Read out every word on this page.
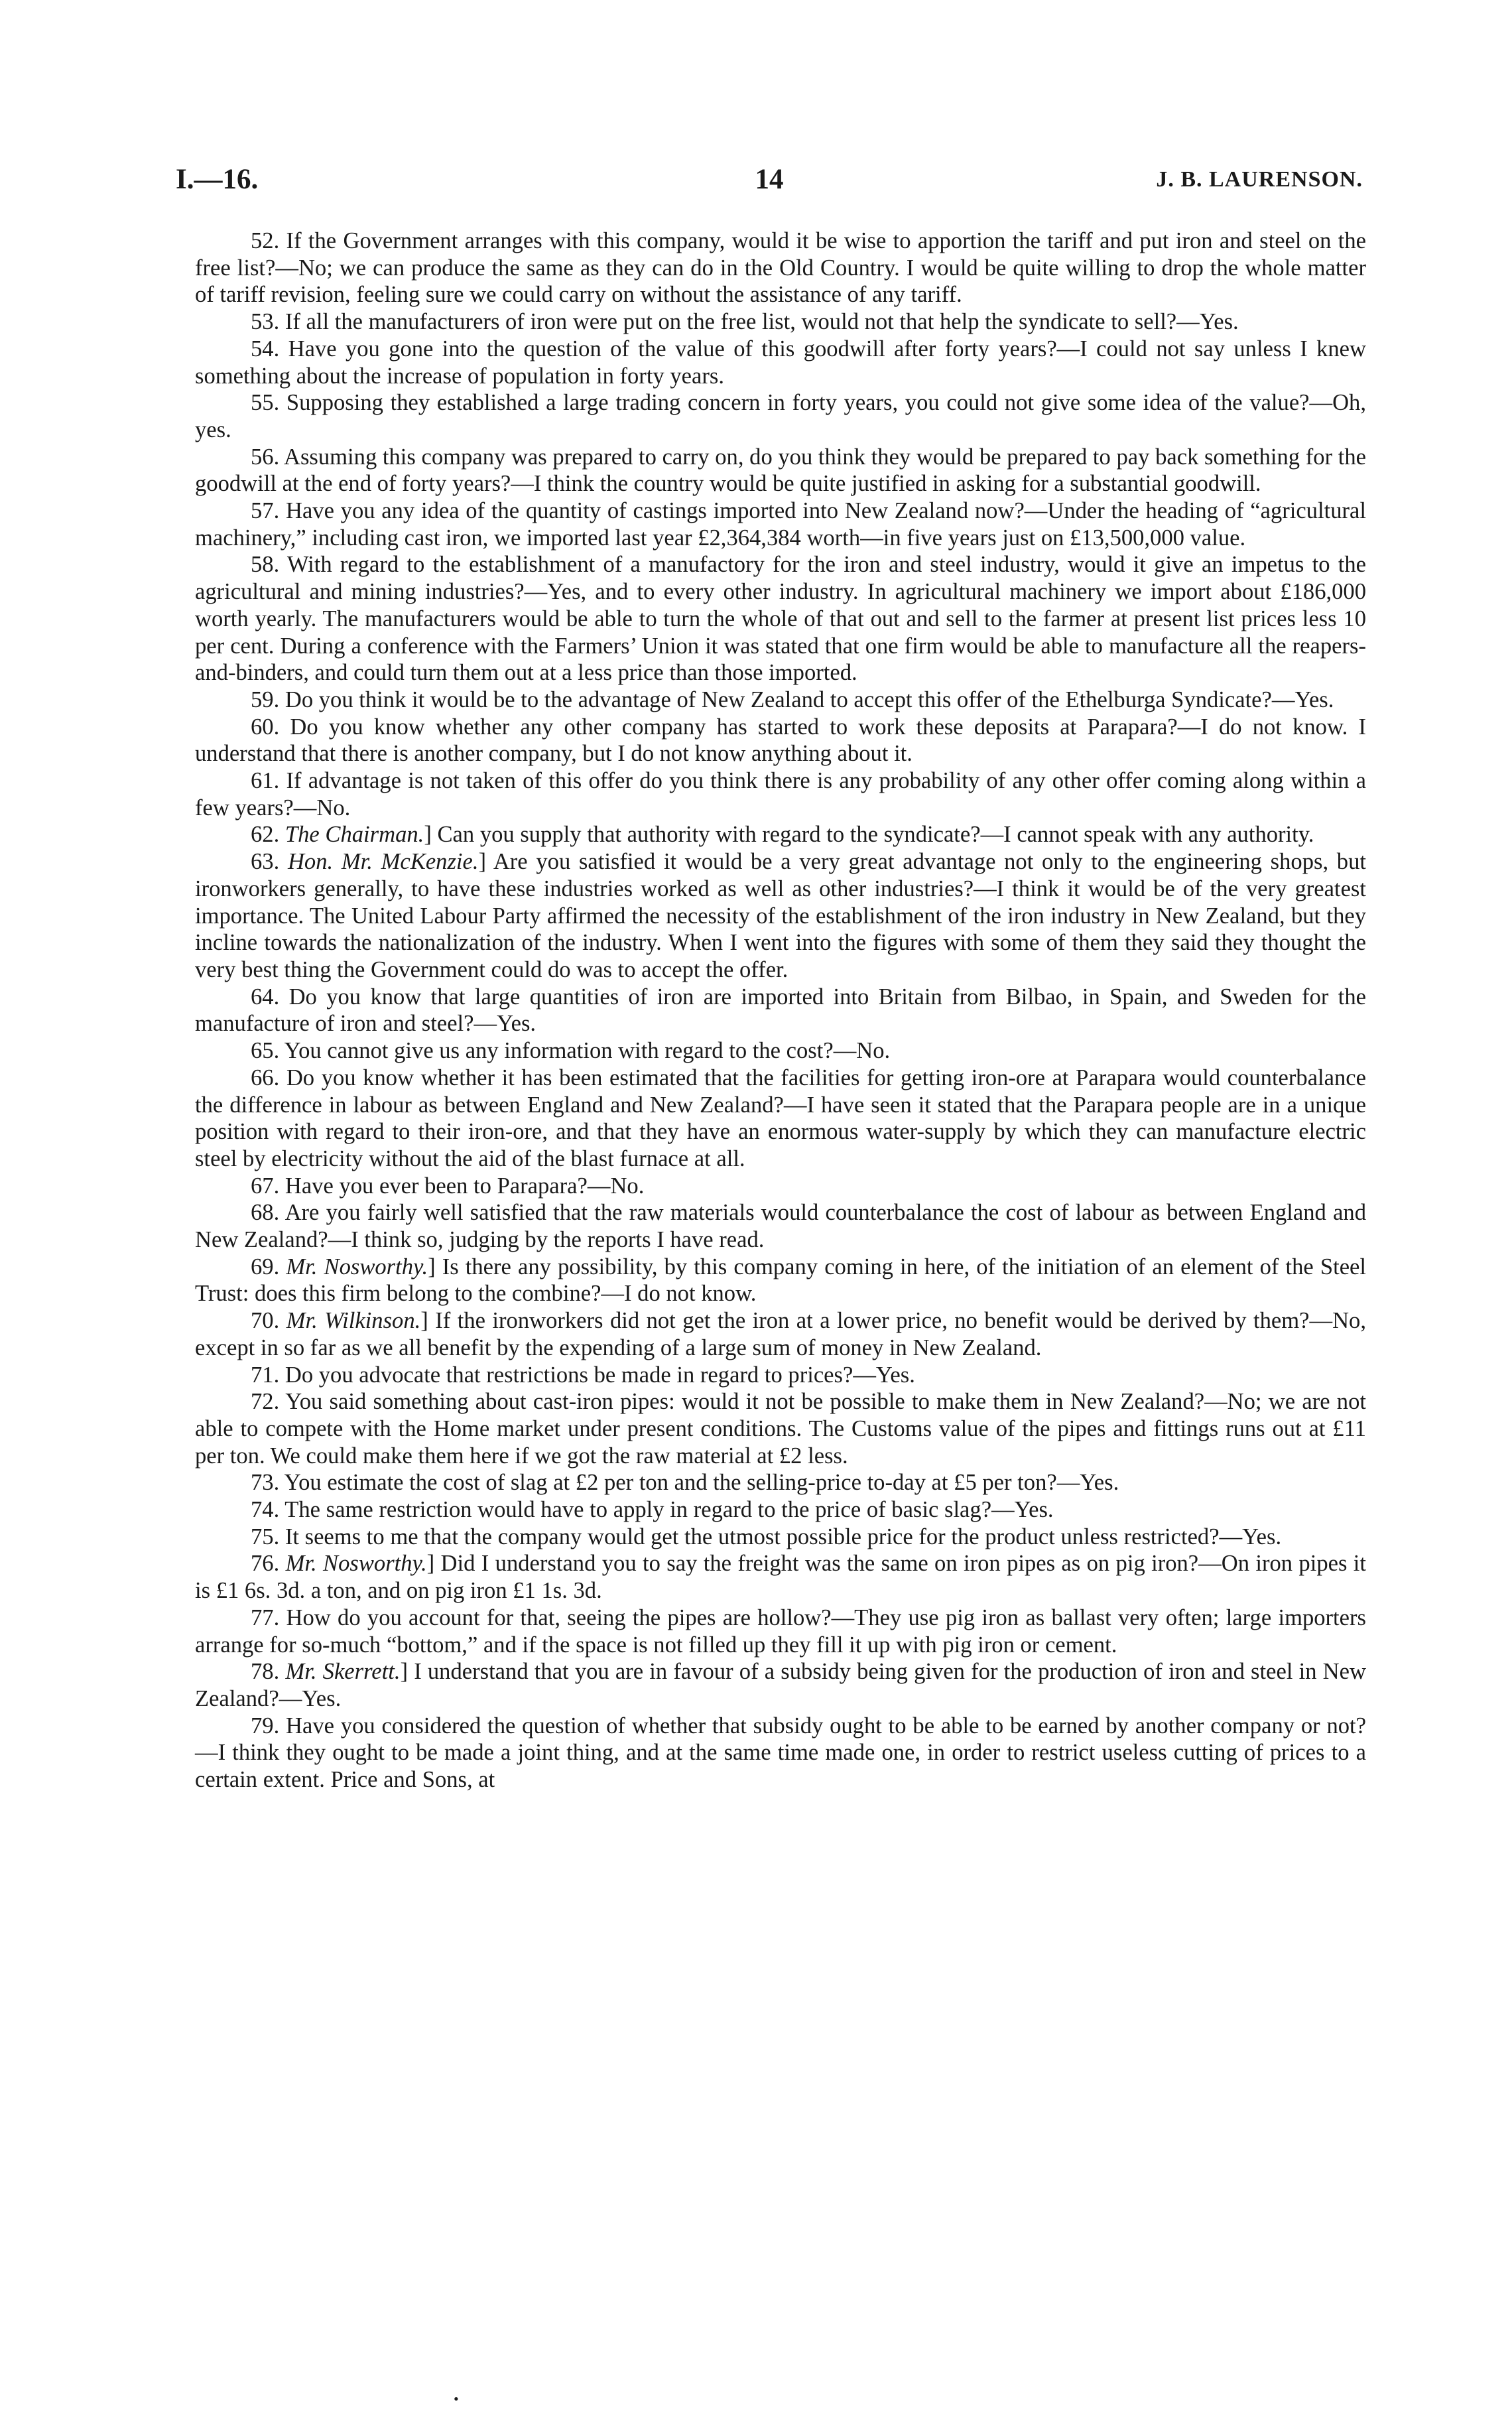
I.—16.	14	J. B. LAURENSON.

52. If the Government arranges with this company, would it be wise to apportion the tariff and put iron and steel on the free list?—No; we can produce the same as they can do in the Old Country. I would be quite willing to drop the whole matter of tariff revision, feeling sure we could carry on without the assistance of any tariff.

53. If all the manufacturers of iron were put on the free list, would not that help the syndicate to sell?—Yes.

54. Have you gone into the question of the value of this goodwill after forty years?—I could not say unless I knew something about the increase of population in forty years.

55. Supposing they established a large trading concern in forty years, you could not give some idea of the value?—Oh, yes.

56. Assuming this company was prepared to carry on, do you think they would be prepared to pay back something for the goodwill at the end of forty years?—I think the country would be quite justified in asking for a substantial goodwill.

57. Have you any idea of the quantity of castings imported into New Zealand now?—Under the heading of “agricultural machinery,” including cast iron, we imported last year £2,364,384 worth—in five years just on £13,500,000 value.

58. With regard to the establishment of a manufactory for the iron and steel industry, would it give an impetus to the agricultural and mining industries?—Yes, and to every other industry. In agricultural machinery we import about £186,000 worth yearly. The manufacturers would be able to turn the whole of that out and sell to the farmer at present list prices less 10 per cent. During a conference with the Farmers’ Union it was stated that one firm would be able to manufacture all the reapers-and-binders, and could turn them out at a less price than those imported.

59. Do you think it would be to the advantage of New Zealand to accept this offer of the Ethelburga Syndicate?—Yes.

60. Do you know whether any other company has started to work these deposits at Parapara?—I do not know. I understand that there is another company, but I do not know anything about it.

61. If advantage is not taken of this offer do you think there is any probability of any other offer coming along within a few years?—No.

62. The Chairman.] Can you supply that authority with regard to the syndicate?—I cannot speak with any authority.

63. Hon. Mr. McKenzie.] Are you satisfied it would be a very great advantage not only to the engineering shops, but ironworkers generally, to have these industries worked as well as other industries?—I think it would be of the very greatest importance. The United Labour Party affirmed the necessity of the establishment of the iron industry in New Zealand, but they incline towards the nationalization of the industry. When I went into the figures with some of them they said they thought the very best thing the Government could do was to accept the offer.

64. Do you know that large quantities of iron are imported into Britain from Bilbao, in Spain, and Sweden for the manufacture of iron and steel?—Yes.

65. You cannot give us any information with regard to the cost?—No.

66. Do you know whether it has been estimated that the facilities for getting iron-ore at Parapara would counterbalance the difference in labour as between England and New Zealand?—I have seen it stated that the Parapara people are in a unique position with regard to their iron-ore, and that they have an enormous water-supply by which they can manufacture electric steel by electricity without the aid of the blast furnace at all.

67. Have you ever been to Parapara?—No.

68. Are you fairly well satisfied that the raw materials would counterbalance the cost of labour as between England and New Zealand?—I think so, judging by the reports I have read.

69. Mr. Nosworthy.] Is there any possibility, by this company coming in here, of the initiation of an element of the Steel Trust: does this firm belong to the combine?—I do not know.

70. Mr. Wilkinson.] If the ironworkers did not get the iron at a lower price, no benefit would be derived by them?—No, except in so far as we all benefit by the expending of a large sum of money in New Zealand.

71. Do you advocate that restrictions be made in regard to prices?—Yes.

72. You said something about cast-iron pipes: would it not be possible to make them in New Zealand?—No; we are not able to compete with the Home market under present conditions. The Customs value of the pipes and fittings runs out at £11 per ton. We could make them here if we got the raw material at £2 less.

73. You estimate the cost of slag at £2 per ton and the selling-price to-day at £5 per ton?—Yes.

74. The same restriction would have to apply in regard to the price of basic slag?—Yes.

75. It seems to me that the company would get the utmost possible price for the product unless restricted?—Yes.

76. Mr. Nosworthy.] Did I understand you to say the freight was the same on iron pipes as on pig iron?—On iron pipes it is £1 6s. 3d. a ton, and on pig iron £1 1s. 3d.

77. How do you account for that, seeing the pipes are hollow?—They use pig iron as ballast very often; large importers arrange for so-much “bottom,” and if the space is not filled up they fill it up with pig iron or cement.

78. Mr. Skerrett.] I understand that you are in favour of a subsidy being given for the production of iron and steel in New Zealand?—Yes.

79. Have you considered the question of whether that subsidy ought to be able to be earned by another company or not?—I think they ought to be made a joint thing, and at the same time made one, in order to restrict useless cutting of prices to a certain extent. Price and Sons, at

•
